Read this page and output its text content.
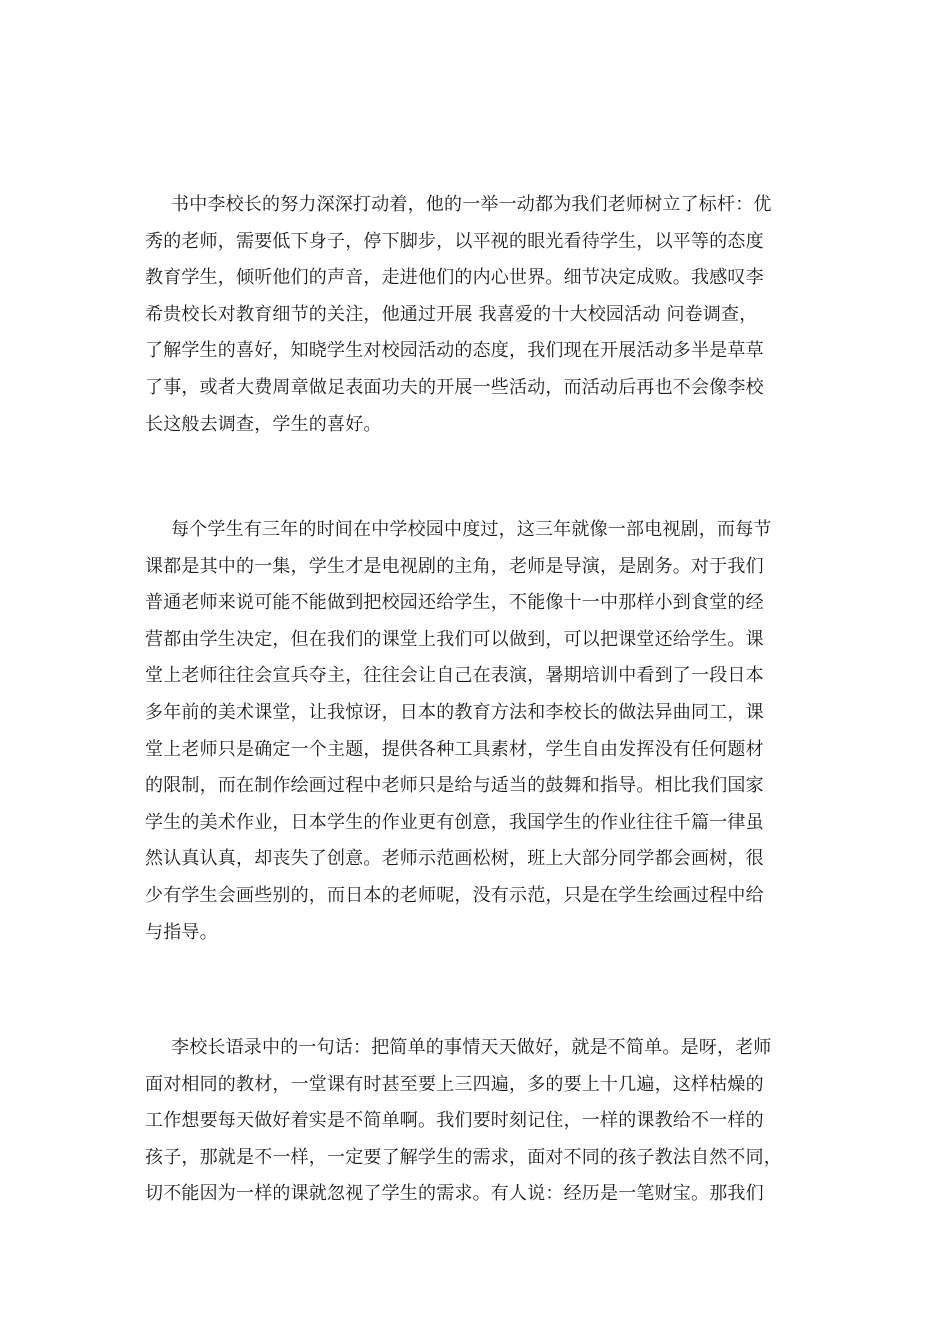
书中李校长的努力深深打动着，他的一举一动都为我们老师树立了标杆：优
秀的老师，需要低下身子，停下脚步，以平视的眼光看待学生，以平等的态度
教育学生，倾听他们的声音，走进他们的内心世界。细节决定成败。我感叹李
希贵校长对教育细节的关注，他通过开展 我喜爱的十大校园活动 问卷调查，
了解学生的喜好，知晓学生对校园活动的态度，我们现在开展活动多半是草草
了事，或者大费周章做足表面功夫的开展一些活动，而活动后再也不会像李校
长这般去调查，学生的喜好。

每个学生有三年的时间在中学校园中度过，这三年就像一部电视剧，而每节
课都是其中的一集，学生才是电视剧的主角，老师是导演，是剧务。对于我们
普通老师来说可能不能做到把校园还给学生，不能像十一中那样小到食堂的经
营都由学生决定，但在我们的课堂上我们可以做到，可以把课堂还给学生。课
堂上老师往往会宣兵夺主，往往会让自己在表演，暑期培训中看到了一段日本
多年前的美术课堂，让我惊讶，日本的教育方法和李校长的做法异曲同工，课
堂上老师只是确定一个主题，提供各种工具素材，学生自由发挥没有任何题材
的限制，而在制作绘画过程中老师只是给与适当的鼓舞和指导。相比我们国家
学生的美术作业，日本学生的作业更有创意，我国学生的作业往往千篇一律虽
然认真认真，却丧失了创意。老师示范画松树，班上大部分同学都会画树，很
少有学生会画些别的，而日本的老师呢，没有示范，只是在学生绘画过程中给
与指导。

李校长语录中的一句话：把简单的事情天天做好，就是不简单。是呀，老师
面对相同的教材，一堂课有时甚至要上三四遍，多的要上十几遍，这样枯燥的
工作想要每天做好着实是不简单啊。我们要时刻记住，一样的课教给不一样的
孩子，那就是不一样，一定要了解学生的需求，面对不同的孩子教法自然不同，
切不能因为一样的课就忽视了学生的需求。有人说：经历是一笔财宝。那我们
